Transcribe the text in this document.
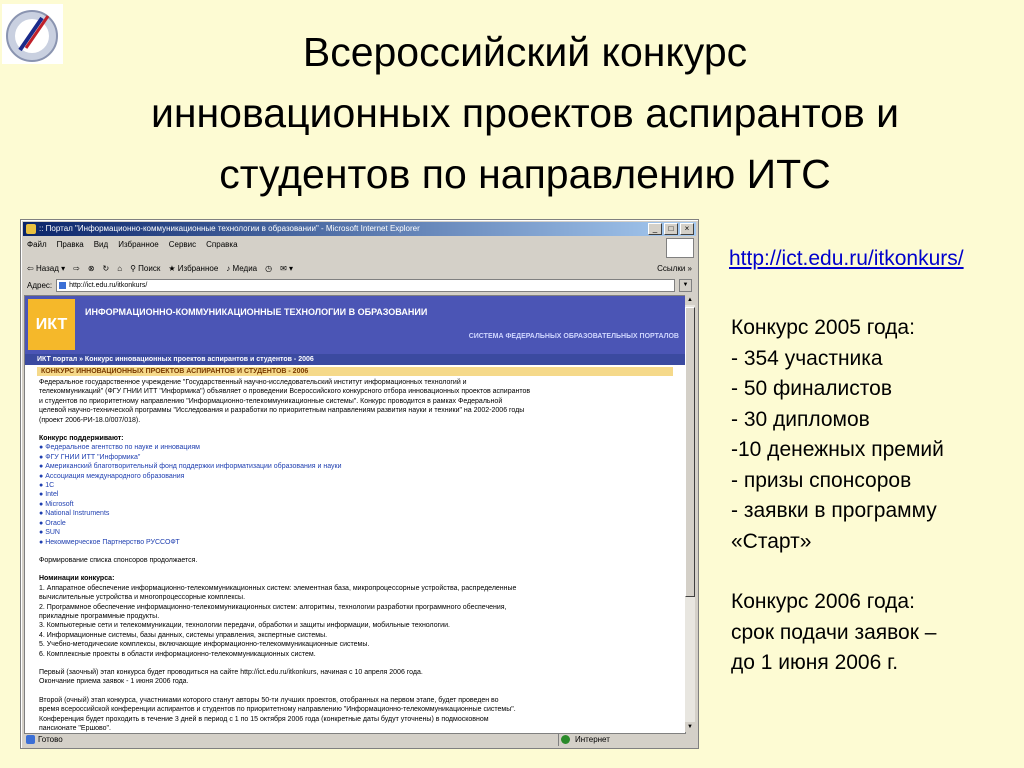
Всероссийский конкурс
инновационных проектов аспирантов и
студентов по направлению ИТС
http://ict.edu.ru/itkonkurs/
Конкурс 2005 года:
- 354 участника
- 50 финалистов
- 30 дипломов
-10 денежных премий
- призы спонсоров
- заявки в программу
«Старт»
Конкурс 2006 года:
срок подачи заявок –
до 1 июня 2006 г.
:: Портал "Информационно-коммуникационные технологии в образовании" - Microsoft Internet Explorer	_	□	×
Файл Правка Вид Избранное Сервис Справка
⇦ Назад ▾ ⇨ ⊗ ↻ ⌂ ⚲ Поиск ★ Избранное ♪ Медиа ◷ ✉ ▾	Ссылки »
Адрес:	http://ict.edu.ru/itkonkurs/	▼
ИКТ
ИНФОРМАЦИОННО-КОММУНИКАЦИОННЫЕ ТЕХНОЛОГИИ В ОБРАЗОВАНИИ
СИСТЕМА ФЕДЕРАЛЬНЫХ ОБРАЗОВАТЕЛЬНЫХ ПОРТАЛОВ
ИКТ портал » Конкурс инновационных проектов аспирантов и студентов - 2006
КОНКУРС ИННОВАЦИОННЫХ ПРОЕКТОВ АСПИРАНТОВ И СТУДЕНТОВ - 2006
Федеральное государственное учреждение "Государственный научно-исследовательский институт информационных технологий и
телекоммуникаций" (ФГУ ГНИИ ИТТ "Информика") объявляет о проведении Всероссийского конкурсного отбора инновационных проектов аспирантов
и студентов по приоритетному направлению "Информационно-телекоммуникационные системы". Конкурс проводится в рамках Федеральной
целевой научно-технической программы "Исследования и разработки по приоритетным направлениям развития науки и техники" на 2002-2006 годы
(проект 2006-РИ-18.0/007/018).
Конкурс поддерживают:
● Федеральное агентство по науке и инновациям
● ФГУ ГНИИ ИТТ "Информика"
● Американский благотворительный фонд поддержки информатизации образования и науки
● Ассоциация международного образования
● 1С
● Intel
● Microsoft
● National Instruments
● Oracle
● SUN
● Некоммерческое Партнерство РУССОФТ
Формирование списка спонсоров продолжается.
Номинации конкурса:
1. Аппаратное обеспечение информационно-телекоммуникационных систем: элементная база, микропроцессорные устройства, распределенные
вычислительные устройства и многопроцессорные комплексы.
2. Программное обеспечение информационно-телекоммуникационных систем: алгоритмы, технологии разработки программного обеспечения,
прикладные программные продукты.
3. Компьютерные сети и телекоммуникации, технологии передачи, обработки и защиты информации, мобильные технологии.
4. Информационные системы, базы данных, системы управления, экспертные системы.
5. Учебно-методические комплексы, включающие информационно-телекоммуникационные системы.
6. Комплексные проекты в области информационно-телекоммуникационных систем.
Первый (заочный) этап конкурса будет проводиться на сайте http://ict.edu.ru/itkonkurs, начиная с 10 апреля 2006 года.
Окончание приема заявок - 1 июня 2006 года.
Второй (очный) этап конкурса, участниками которого станут авторы 50-ти лучших проектов, отобранных на первом этапе, будет проведен во
время всероссийской конференции аспирантов и студентов по приоритетному направлению "Информационно-телекоммуникационные системы".
Конференция будет проходить в течение 3 дней в период с 1 по 15 октября 2006 года (конкретные даты будут уточнены) в подмосковном
пансионате "Ершово".
▲
▼
Готово	Интернет
